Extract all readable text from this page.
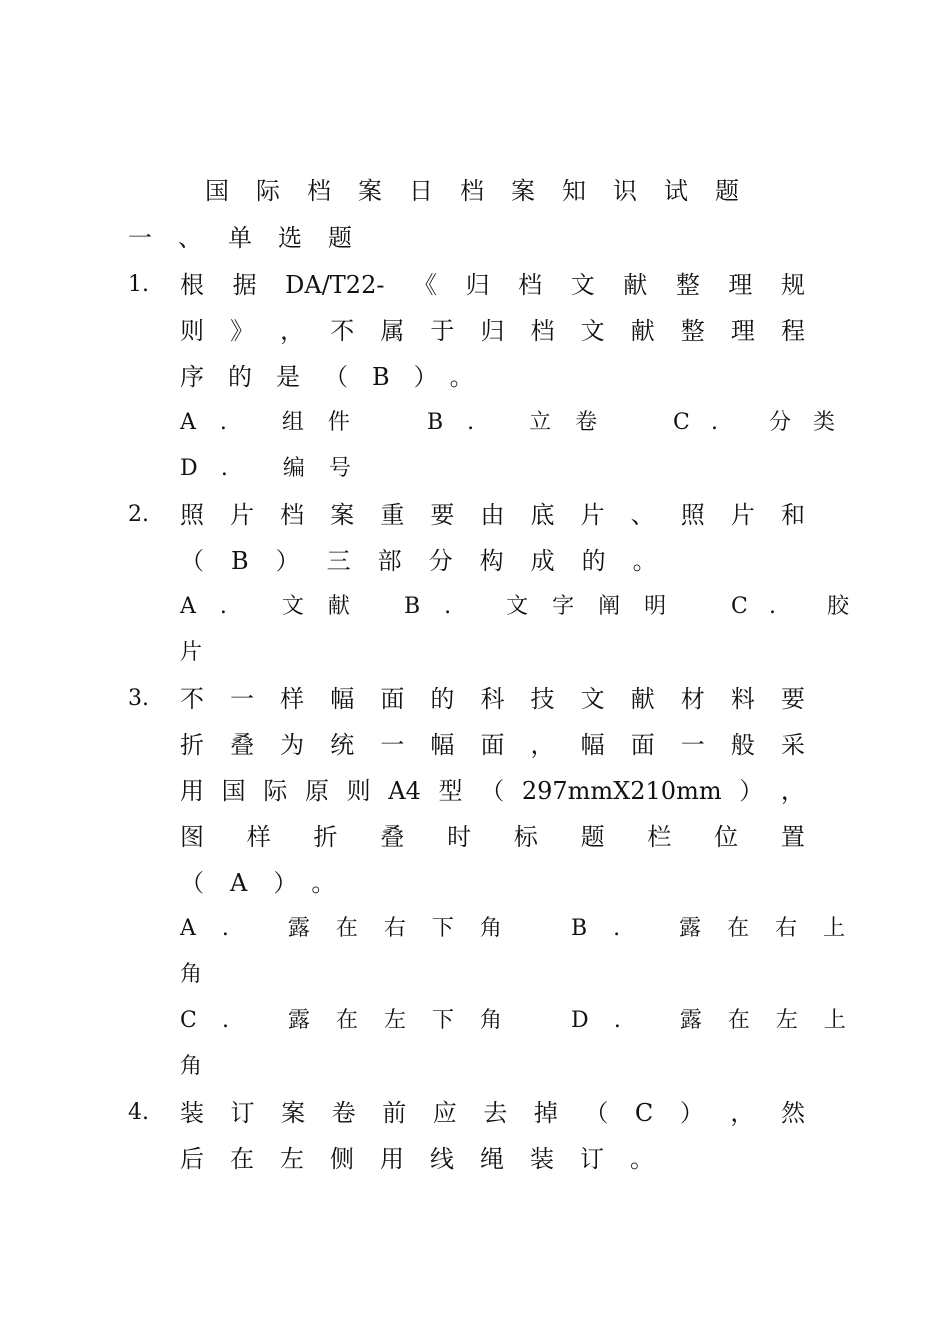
国际档案日档案知识试题
一、单选题
1. 根 据 DA/T22- 《 归 档 文 献 整 理 规
则 》 ， 不 属 于 归 档 文 献 整 理 程
序的是（B）。
A. 组件 B. 立卷 C. 分类
D. 编号
2. 照 片 档 案 重 要 由 底 片 、 照 片 和
（B）三部分构成的。
A. 文献 B. 文字阐明 C. 胶
片
3. 不 一 样 幅 面 的 科 技 文 献 材 料 要
折 叠 为 统 一 幅 面 ， 幅 面 一 般 采
用 国 际 原 则 A4 型 （ 297mmX210mm ） ，
图 样 折 叠 时 标 题 栏 位 置
（A）。
A. 露在右下角 B. 露在右上
角
C. 露在左下角 D. 露在左上
角
4. 装 订 案 卷 前 应 去 掉 （ C ） ， 然
后在左侧用线绳装订。
